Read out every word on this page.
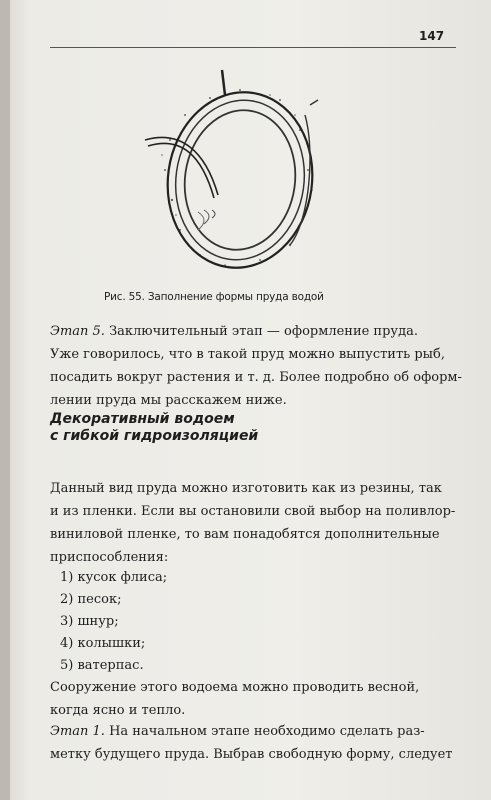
147
Рис. 55. Заполнение формы пруда водой
Этап 5. Заключительный этап — оформление пруда.
Уже говорилось, что в такой пруд можно выпустить рыб,
посадить вокруг растения и т. д. Более подробно об оформ-
лении пруда мы расскажем ниже.
Декоративный водоем
с гибкой гидроизоляцией
Данный вид пруда можно изготовить как из резины, так
и из пленки. Если вы остановили свой выбор на поливлор-
виниловой пленке, то вам понадобятся дополнительные
приспособления:
1) кусок флиса;
2) песок;
3) шнур;
4) колышки;
5) ватерпас.
Сооружение этого водоема можно проводить весной,
когда ясно и тепло.
Этап 1. На начальном этапе необходимо сделать раз-
метку будущего пруда. Выбрав свободную форму, следует
